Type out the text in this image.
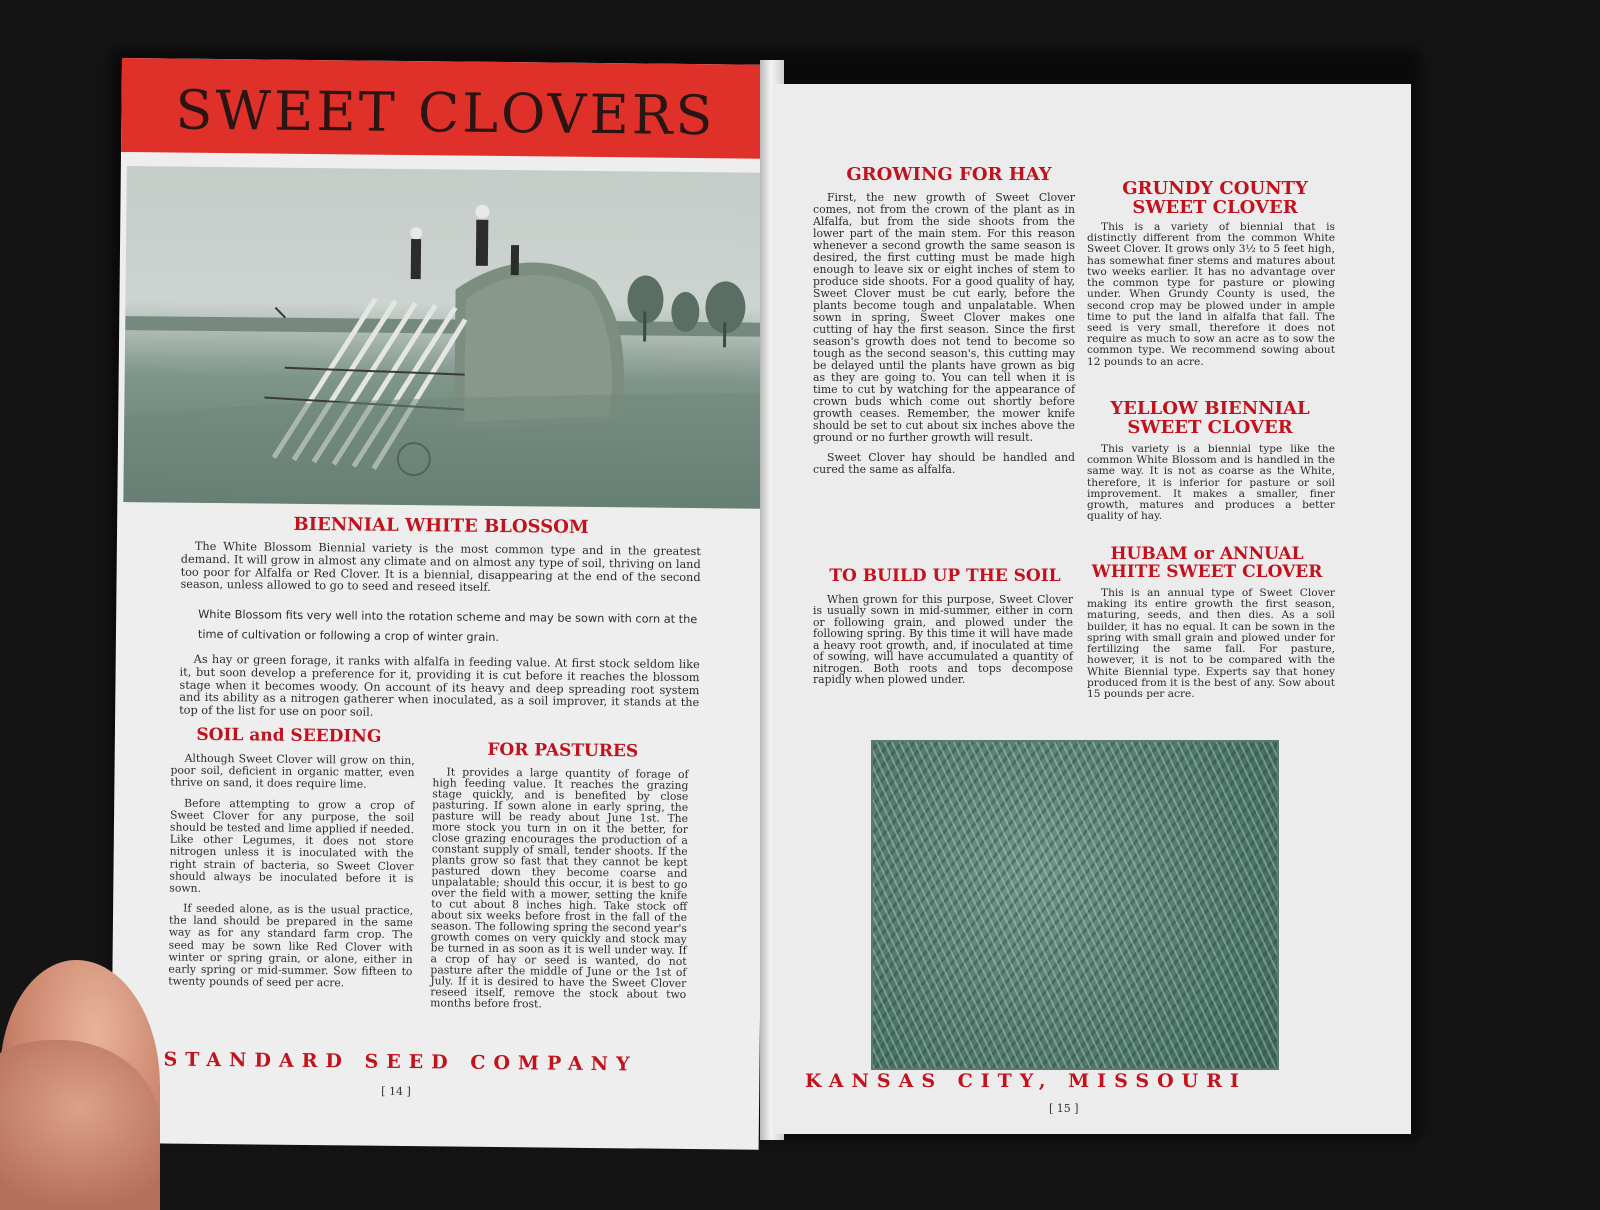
SWEET CLOVERS
BIENNIAL WHITE BLOSSOM

The White Blossom Biennial variety is the most common type and in the greatest demand. It will grow in almost any climate and on almost any type of soil, thriving on land too poor for Alfalfa or Red Clover. It is a biennial, disappearing at the end of the second season, unless allowed to go to seed and reseed itself.

White Blossom fits very well into the rotation scheme and may be sown with corn at the time of cultivation or following a crop of winter grain.

As hay or green forage, it ranks with alfalfa in feeding value. At first stock seldom like it, but soon develop a preference for it, providing it is cut before it reaches the blossom stage when it becomes woody. On account of its heavy and deep spreading root system and its ability as a nitrogen gatherer when inoculated, as a soil improver, it stands at the top of the list for use on poor soil.

SOIL and SEEDING

Although Sweet Clover will grow on thin, poor soil, deficient in organic matter, even thrive on sand, it does require lime.

Before attempting to grow a crop of Sweet Clover for any purpose, the soil should be tested and lime applied if needed. Like other Legumes, it does not store nitrogen unless it is inoculated with the right strain of bacteria, so Sweet Clover should always be inoculated before it is sown.

If seeded alone, as is the usual practice, the land should be prepared in the same way as for any standard farm crop. The seed may be sown like Red Clover with winter or spring grain, or alone, either in early spring or mid-summer. Sow fifteen to twenty pounds of seed per acre.

FOR PASTURES

It provides a large quantity of forage of high feeding value. It reaches the grazing stage quickly, and is benefited by close pasturing. If sown alone in early spring, the pasture will be ready about June 1st. The more stock you turn in on it the better, for close grazing encourages the production of a constant supply of small, tender shoots. If the plants grow so fast that they cannot be kept pastured down they become coarse and unpalatable; should this occur, it is best to go over the field with a mower, setting the knife to cut about 8 inches high. Take stock off about six weeks before frost in the fall of the season. The following spring the second year's growth comes on very quickly and stock may be turned in as soon as it is well under way. If a crop of hay or seed is wanted, do not pasture after the middle of June or the 1st of July. If it is desired to have the Sweet Clover reseed itself, remove the stock about two months before frost.

STANDARD SEED COMPANY
[ 14 ]
GROWING FOR HAY

First, the new growth of Sweet Clover comes, not from the crown of the plant as in Alfalfa, but from the side shoots from the lower part of the main stem. For this reason whenever a second growth the same season is desired, the first cutting must be made high enough to leave six or eight inches of stem to produce side shoots. For a good quality of hay, Sweet Clover must be cut early, before the plants become tough and unpalatable. When sown in spring, Sweet Clover makes one cutting of hay the first season. Since the first season's growth does not tend to become so tough as the second season's, this cutting may be delayed until the plants have grown as big as they are going to. You can tell when it is time to cut by watching for the appearance of crown buds which come out shortly before growth ceases. Remember, the mower knife should be set to cut about six inches above the ground or no further growth will result.

Sweet Clover hay should be handled and cured the same as alfalfa.

GRUNDY COUNTY SWEET CLOVER

This is a variety of biennial that is distinctly different from the common White Sweet Clover. It grows only 3½ to 5 feet high, has somewhat finer stems and matures about two weeks earlier. It has no advantage over the common type for pasture or plowing under. When Grundy County is used, the second crop may be plowed under in ample time to put the land in alfalfa that fall. The seed is very small, therefore it does not require as much to sow an acre as to sow the common type. We recommend sowing about 12 pounds to an acre.

YELLOW BIENNIAL SWEET CLOVER

This variety is a biennial type like the common White Blossom and is handled in the same way. It is not as coarse as the White, therefore, it is inferior for pasture or soil improvement. It makes a smaller, finer growth, matures and produces a better quality of hay.

TO BUILD UP THE SOIL

When grown for this purpose, Sweet Clover is usually sown in mid-summer, either in corn or following grain, and plowed under the following spring. By this time it will have made a heavy root growth, and, if inoculated at time of sowing, will have accumulated a quantity of nitrogen. Both roots and tops decompose rapidly when plowed under.

HUBAM or ANNUAL WHITE SWEET CLOVER

This is an annual type of Sweet Clover making its entire growth the first season, maturing, seeds, and then dies. As a soil builder, it has no equal. It can be sown in the spring with small grain and plowed under for fertilizing the same fall. For pasture, however, it is not to be compared with the White Biennial type. Experts say that honey produced from it is the best of any. Sow about 15 pounds per acre.

KANSAS CITY, MISSOURI
[ 15 ]
